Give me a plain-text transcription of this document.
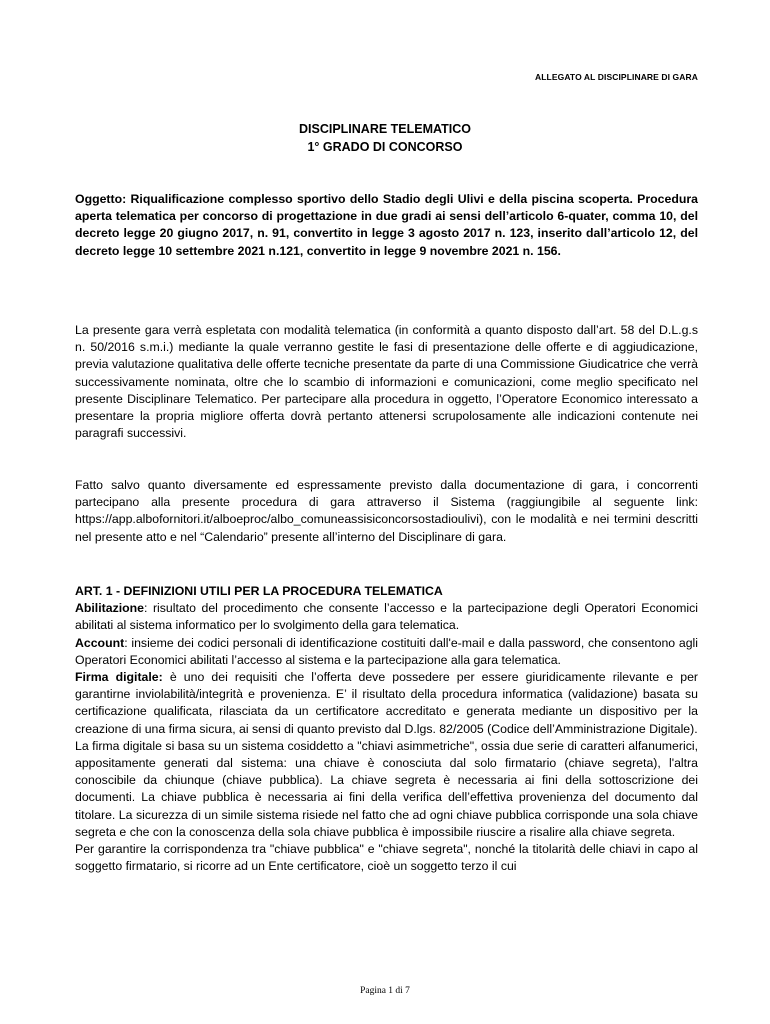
ALLEGATO AL DISCIPLINARE DI GARA
DISCIPLINARE TELEMATICO
1° GRADO DI CONCORSO
Oggetto: Riqualificazione complesso sportivo dello Stadio degli Ulivi e della piscina scoperta. Procedura aperta telematica per concorso di progettazione in due gradi ai sensi dell’articolo 6-quater, comma 10, del decreto legge 20 giugno 2017, n. 91, convertito in legge 3 agosto 2017 n. 123, inserito dall’articolo 12, del decreto legge 10 settembre 2021 n.121, convertito in legge 9 novembre 2021 n. 156.
La presente gara verrà espletata con modalità telematica (in conformità a quanto disposto dall’art. 58 del D.L.g.s n. 50/2016 s.m.i.) mediante la quale verranno gestite le fasi di presentazione delle offerte e di aggiudicazione, previa valutazione qualitativa delle offerte tecniche presentate da parte di una Commissione Giudicatrice che verrà successivamente nominata, oltre che lo scambio di informazioni e comunicazioni, come meglio specificato nel presente Disciplinare Telematico. Per partecipare alla procedura in oggetto, l’Operatore Economico interessato a presentare la propria migliore offerta dovrà pertanto attenersi scrupolosamente alle indicazioni contenute nei paragrafi successivi.
Fatto salvo quanto diversamente ed espressamente previsto dalla documentazione di gara, i concorrenti partecipano alla presente procedura di gara attraverso il Sistema (raggiungibile al seguente link: https://app.albofornitori.it/alboeproc/albo_comuneassisiconcorsostadioulivi), con le modalità e nei termini descritti nel presente atto e nel “Calendario” presente all’interno del Disciplinare di gara.

ART. 1 - DEFINIZIONI UTILI PER LA PROCEDURA TELEMATICA

Abilitazione: risultato del procedimento che consente l’accesso e la partecipazione degli Operatori Economici abilitati al sistema informatico per lo svolgimento della gara telematica.

Account: insieme dei codici personali di identificazione costituiti dall'e-mail e dalla password, che consentono agli Operatori Economici abilitati l’accesso al sistema e la partecipazione alla gara telematica.

Firma digitale: è uno dei requisiti che l’offerta deve possedere per essere giuridicamente rilevante e per garantirne inviolabilità/integrità e provenienza. E’ il risultato della procedura informatica (validazione) basata su certificazione qualificata, rilasciata da un certificatore accreditato e generata mediante un dispositivo per la creazione di una firma sicura, ai sensi di quanto previsto dal D.lgs. 82/2005 (Codice dell’Amministrazione Digitale).

La firma digitale si basa su un sistema cosiddetto a "chiavi asimmetriche", ossia due serie di caratteri alfanumerici, appositamente generati dal sistema: una chiave è conosciuta dal solo firmatario (chiave segreta), l'altra conoscibile da chiunque (chiave pubblica). La chiave segreta è necessaria ai fini della sottoscrizione dei documenti. La chiave pubblica è necessaria ai fini della verifica dell’effettiva provenienza del documento dal titolare. La sicurezza di un simile sistema risiede nel fatto che ad ogni chiave pubblica corrisponde una sola chiave segreta e che con la conoscenza della sola chiave pubblica è impossibile riuscire a risalire alla chiave segreta.

Per garantire la corrispondenza tra "chiave pubblica" e "chiave segreta", nonché la titolarità delle chiavi in capo al soggetto firmatario, si ricorre ad un Ente certificatore, cioè un soggetto terzo il cui

Pagina 1 di 7
